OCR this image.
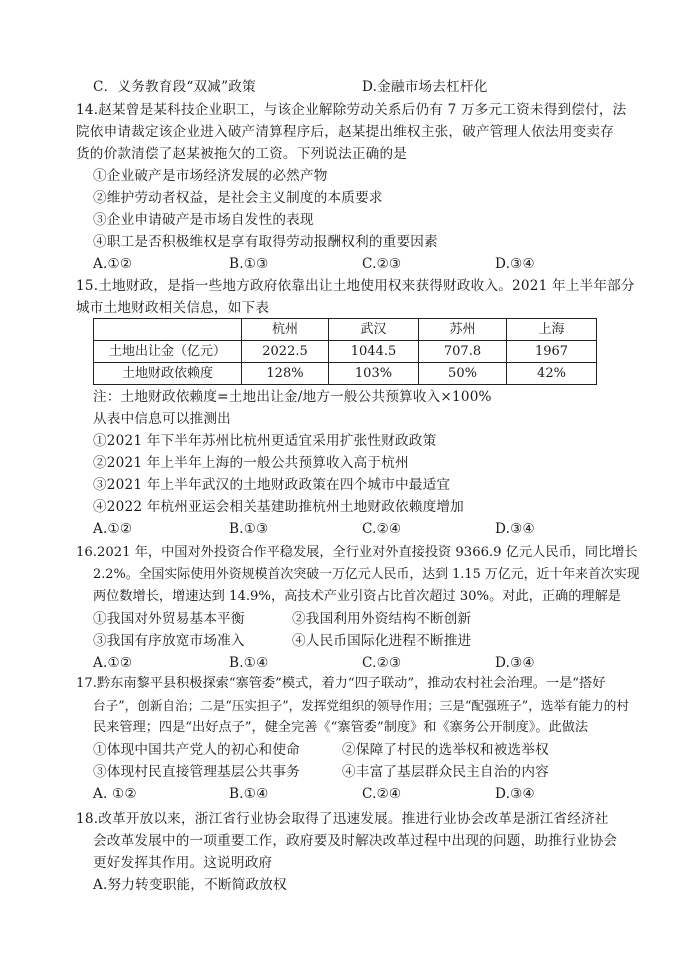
C．义务教育段“双减”政策	D.金融市场去杠杆化
14.赵某曾是某科技企业职工，与该企业解除劳动关系后仍有 7 万多元工资未得到偿付，法
院依申请裁定该企业进入破产清算程序后，赵某提出维权主张，破产管理人依法用变卖存
货的价款清偿了赵某被拖欠的工资。下列说法正确的是
①企业破产是市场经济发展的必然产物
②维护劳动者权益，是社会主义制度的本质要求
③企业申请破产是市场自发性的表现
④职工是否积极维权是享有取得劳动报酬权利的重要因素
A.①②	B.①③	C.②③	D.③④
15.土地财政，是指一些地方政府依靠出让土地使用权来获得财政收入。2021 年上半年部分
城市土地财政相关信息，如下表
	杭州	武汉	苏州	上海
土地出让金（亿元）	2022.5	1044.5	707.8	1967
土地财政依赖度	128%	103%	50%	42%
注：土地财政依赖度=土地出让金/地方一般公共预算收入×100%
从表中信息可以推测出
①2021 年下半年苏州比杭州更适宜采用扩张性财政政策
②2021 年上半年上海的一般公共预算收入高于杭州
③2021 年上半年武汉的土地财政政策在四个城市中最适宜
④2022 年杭州亚运会相关基建助推杭州土地财政依赖度增加
A.①②	B.①③	C.②④	D.③④
16.2021 年，中国对外投资合作平稳发展，全行业对外直接投资 9366.9 亿元人民币，同比增长
2.2%。全国实际使用外资规模首次突破一万亿元人民币，达到 1.15 万亿元，近十年来首次实现
两位数增长，增速达到 14.9%，高技术产业引资占比首次超过 30%。对此，正确的理解是
①我国对外贸易基本平衡	②我国利用外资结构不断创新
③我国有序放宽市场准入	④人民币国际化进程不断推进
A.①②	B.①④	C.②③	D.③④
17.黔东南黎平县积极探索“寨管委”模式，着力“四子联动”，推动农村社会治理。一是“搭好
台子”，创新自治；二是“压实担子”，发挥党组织的领导作用；三是“配强班子”，选举有能力的村
民来管理；四是“出好点子”，健全完善《“寨管委”制度》和《寨务公开制度》。此做法
①体现中国共产党人的初心和使命	②保障了村民的选举权和被选举权
③体现村民直接管理基层公共事务	④丰富了基层群众民主自治的内容
A. ①②	B.①④	C.②④	D.③④
18.改革开放以来，浙江省行业协会取得了迅速发展。推进行业协会改革是浙江省经济社
会改革发展中的一项重要工作，政府要及时解决改革过程中出现的问题，助推行业协会
更好发挥其作用。这说明政府
A.努力转变职能，不断简政放权
